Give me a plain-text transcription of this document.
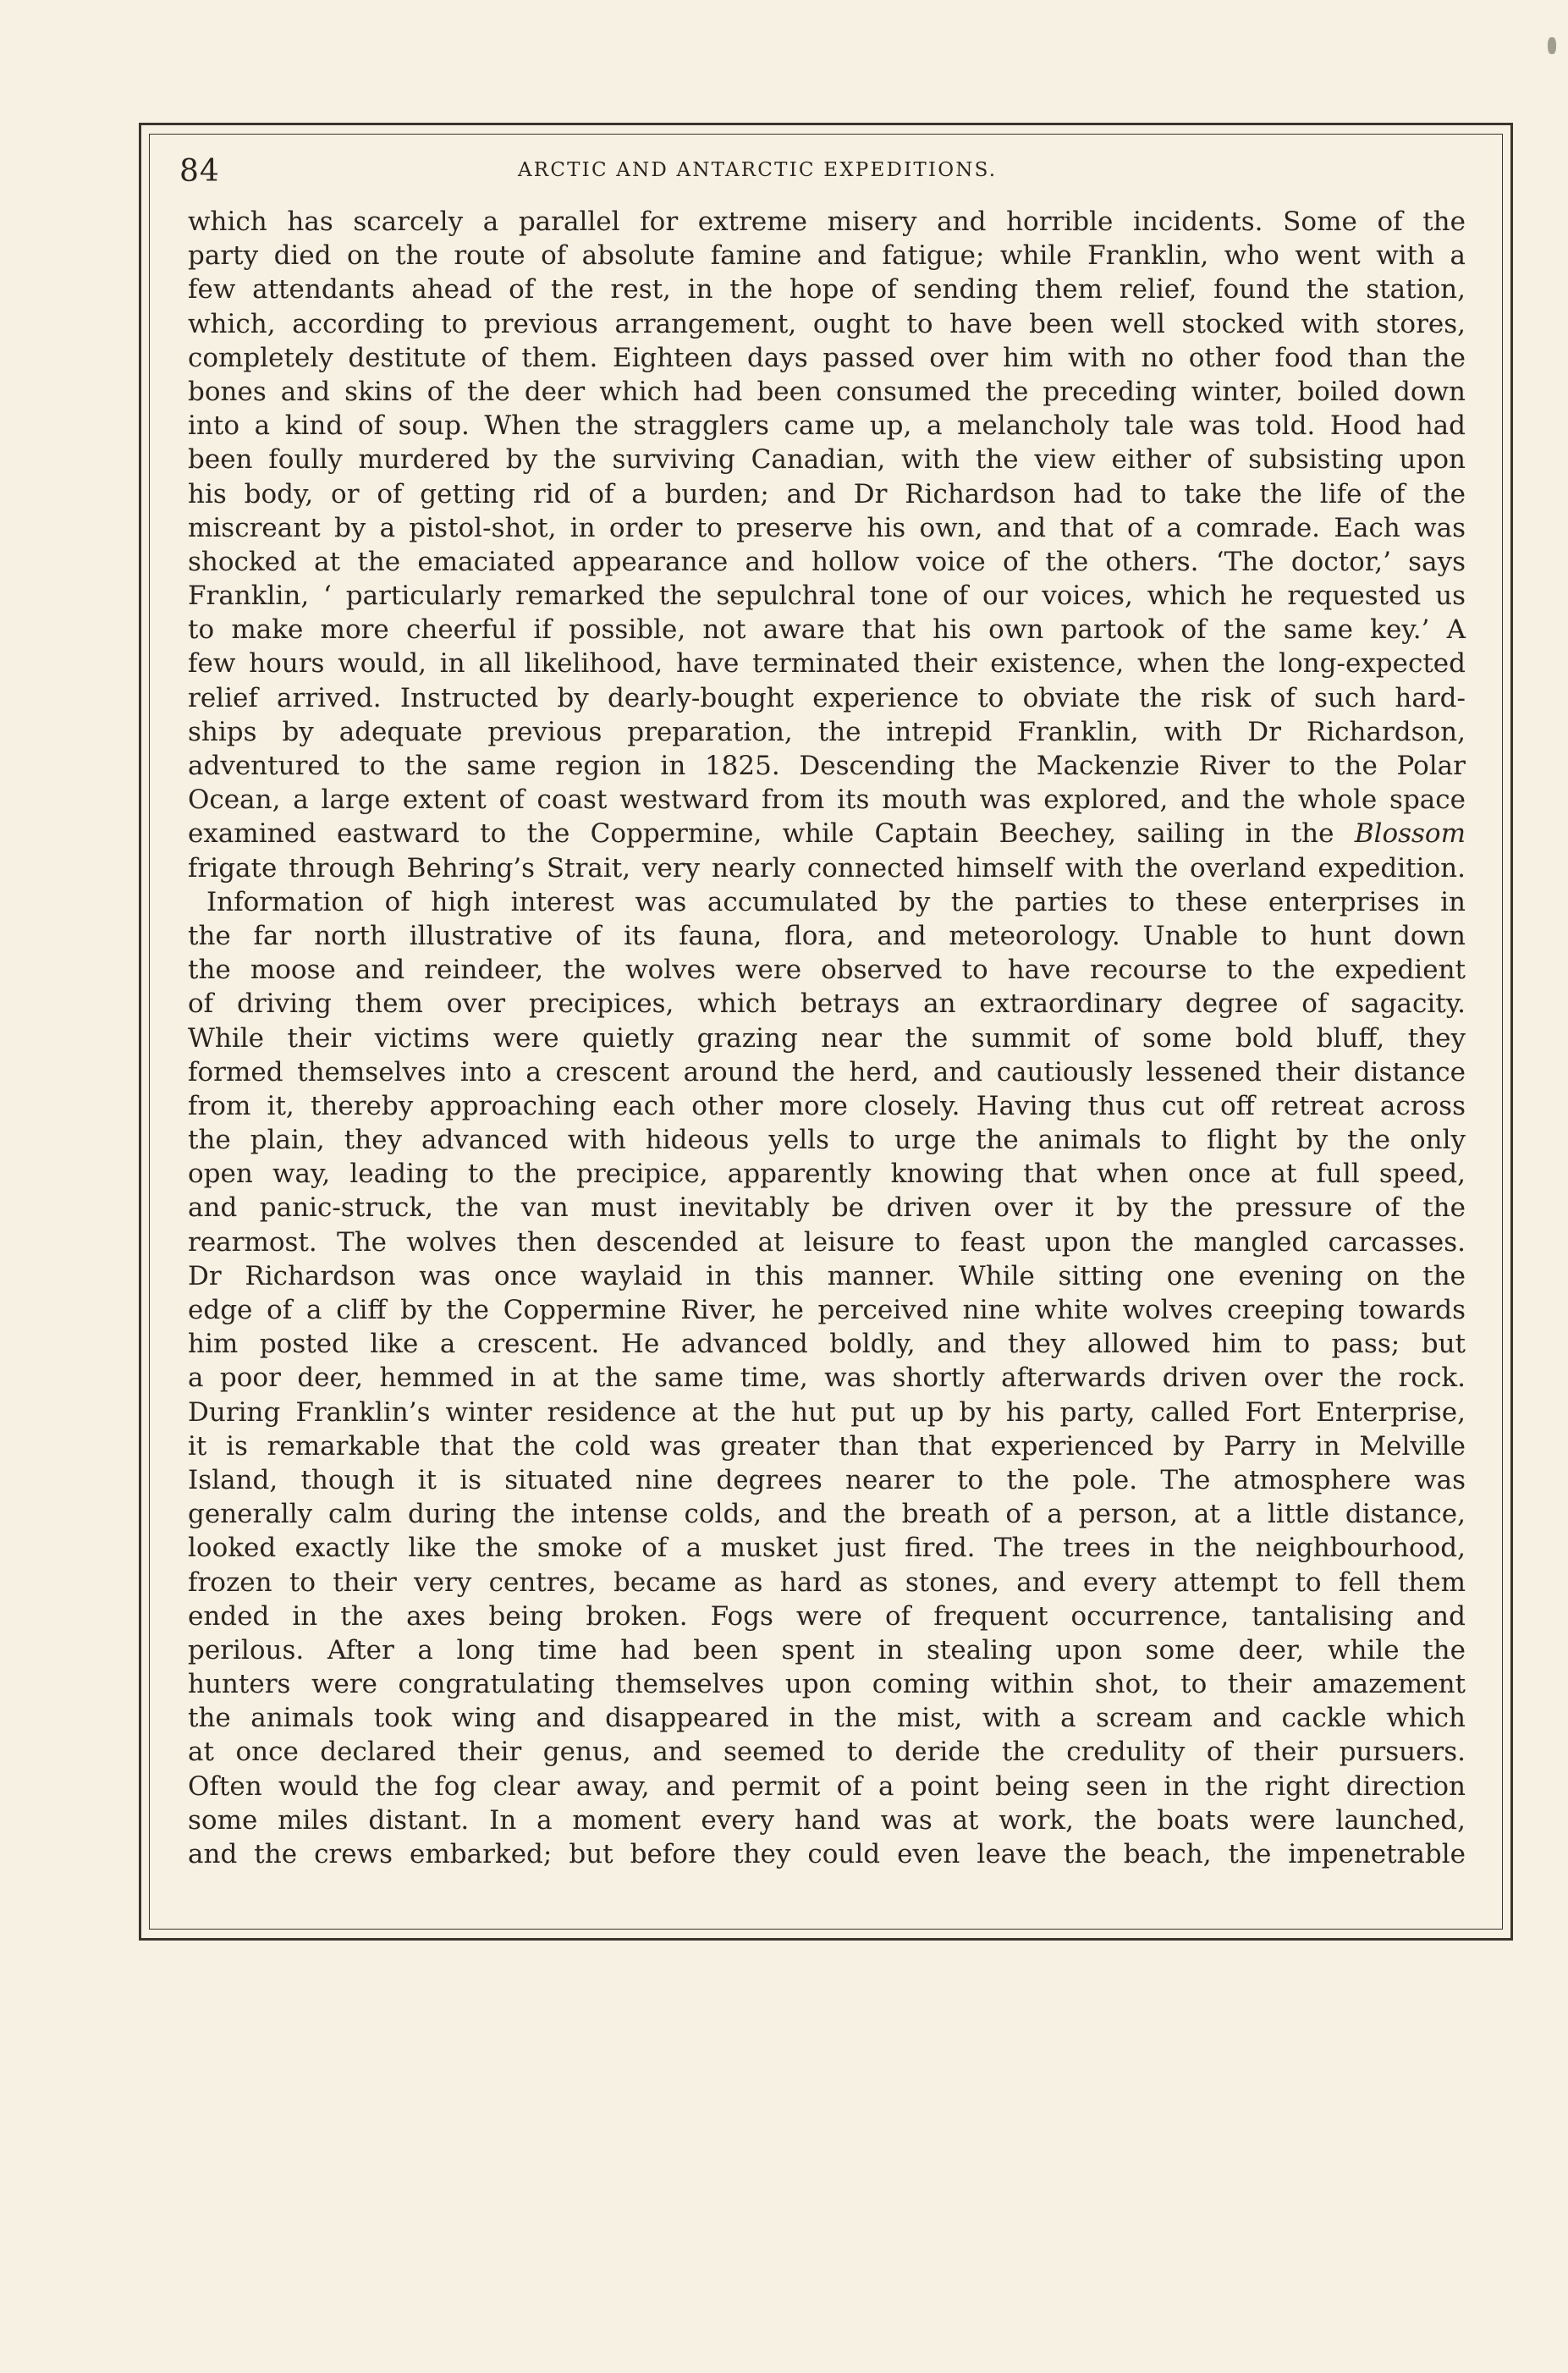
84	ARCTIC AND ANTARCTIC EXPEDITIONS.
which has scarcely a parallel for extreme misery and horrible incidents. Some of the
party died on the route of absolute famine and fatigue; while Franklin, who went with a
few attendants ahead of the rest, in the hope of sending them relief, found the station,
which, according to previous arrangement, ought to have been well stocked with stores,
completely destitute of them. Eighteen days passed over him with no other food than the
bones and skins of the deer which had been consumed the preceding winter, boiled down
into a kind of soup. When the stragglers came up, a melancholy tale was told. Hood had
been foully murdered by the surviving Canadian, with the view either of subsisting upon
his body, or of getting rid of a burden; and Dr Richardson had to take the life of the
miscreant by a pistol-shot, in order to preserve his own, and that of a comrade. Each was
shocked at the emaciated appearance and hollow voice of the others. ‘The doctor,’ says
Franklin, ‘ particularly remarked the sepulchral tone of our voices, which he requested us
to make more cheerful if possible, not aware that his own partook of the same key.’ A
few hours would, in all likelihood, have terminated their existence, when the long-expected
relief arrived. Instructed by dearly-bought experience to obviate the risk of such hard-
ships by adequate previous preparation, the intrepid Franklin, with Dr Richardson,
adventured to the same region in 1825. Descending the Mackenzie River to the Polar
Ocean, a large extent of coast westward from its mouth was explored, and the whole space
examined eastward to the Coppermine, while Captain Beechey, sailing in the Blossom
frigate through Behring’s Strait, very nearly connected himself with the overland expedition.
Information of high interest was accumulated by the parties to these enterprises in
the far north illustrative of its fauna, flora, and meteorology. Unable to hunt down
the moose and reindeer, the wolves were observed to have recourse to the expedient
of driving them over precipices, which betrays an extraordinary degree of sagacity.
While their victims were quietly grazing near the summit of some bold bluff, they
formed themselves into a crescent around the herd, and cautiously lessened their distance
from it, thereby approaching each other more closely. Having thus cut off retreat across
the plain, they advanced with hideous yells to urge the animals to flight by the only
open way, leading to the precipice, apparently knowing that when once at full speed,
and panic-struck, the van must inevitably be driven over it by the pressure of the
rearmost. The wolves then descended at leisure to feast upon the mangled carcasses.
Dr Richardson was once waylaid in this manner. While sitting one evening on the
edge of a cliff by the Coppermine River, he perceived nine white wolves creeping towards
him posted like a crescent. He advanced boldly, and they allowed him to pass; but
a poor deer, hemmed in at the same time, was shortly afterwards driven over the rock.
During Franklin’s winter residence at the hut put up by his party, called Fort Enterprise,
it is remarkable that the cold was greater than that experienced by Parry in Melville
Island, though it is situated nine degrees nearer to the pole. The atmosphere was
generally calm during the intense colds, and the breath of a person, at a little distance,
looked exactly like the smoke of a musket just fired. The trees in the neighbourhood,
frozen to their very centres, became as hard as stones, and every attempt to fell them
ended in the axes being broken. Fogs were of frequent occurrence, tantalising and
perilous. After a long time had been spent in stealing upon some deer, while the
hunters were congratulating themselves upon coming within shot, to their amazement
the animals took wing and disappeared in the mist, with a scream and cackle which
at once declared their genus, and seemed to deride the credulity of their pursuers.
Often would the fog clear away, and permit of a point being seen in the right direction
some miles distant. In a moment every hand was at work, the boats were launched,
and the crews embarked; but before they could even leave the beach, the impenetrable
